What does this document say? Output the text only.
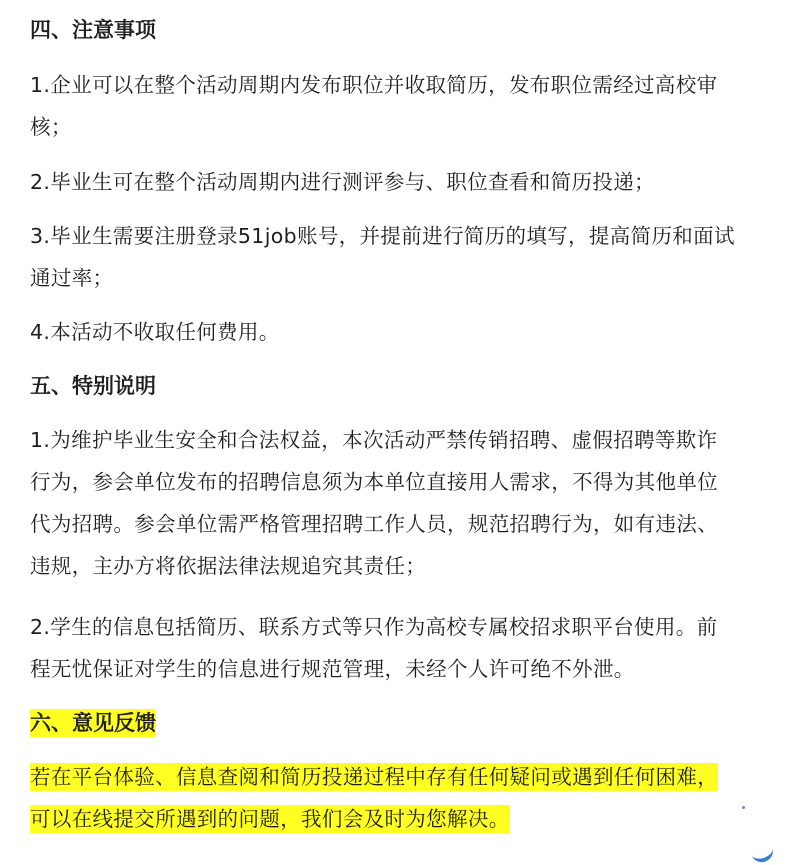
四、注意事项
1.企业可以在整个活动周期内发布职位并收取简历，发布职位需经过高校审
核；
2.毕业生可在整个活动周期内进行测评参与、职位查看和简历投递；
3.毕业生需要注册登录51job账号，并提前进行简历的填写，提高简历和面试
通过率；
4.本活动不收取任何费用。
五、特别说明
1.为维护毕业生安全和合法权益，本次活动严禁传销招聘、虚假招聘等欺诈
行为，参会单位发布的招聘信息须为本单位直接用人需求，不得为其他单位
代为招聘。参会单位需严格管理招聘工作人员，规范招聘行为，如有违法、
违规，主办方将依据法律法规追究其责任；
2.学生的信息包括简历、联系方式等只作为高校专属校招求职平台使用。前
程无忧保证对学生的信息进行规范管理，未经个人许可绝不外泄。
六、意见反馈
若在平台体验、信息查阅和简历投递过程中存有任何疑问或遇到任何困难，
可以在线提交所遇到的问题，我们会及时为您解决。
